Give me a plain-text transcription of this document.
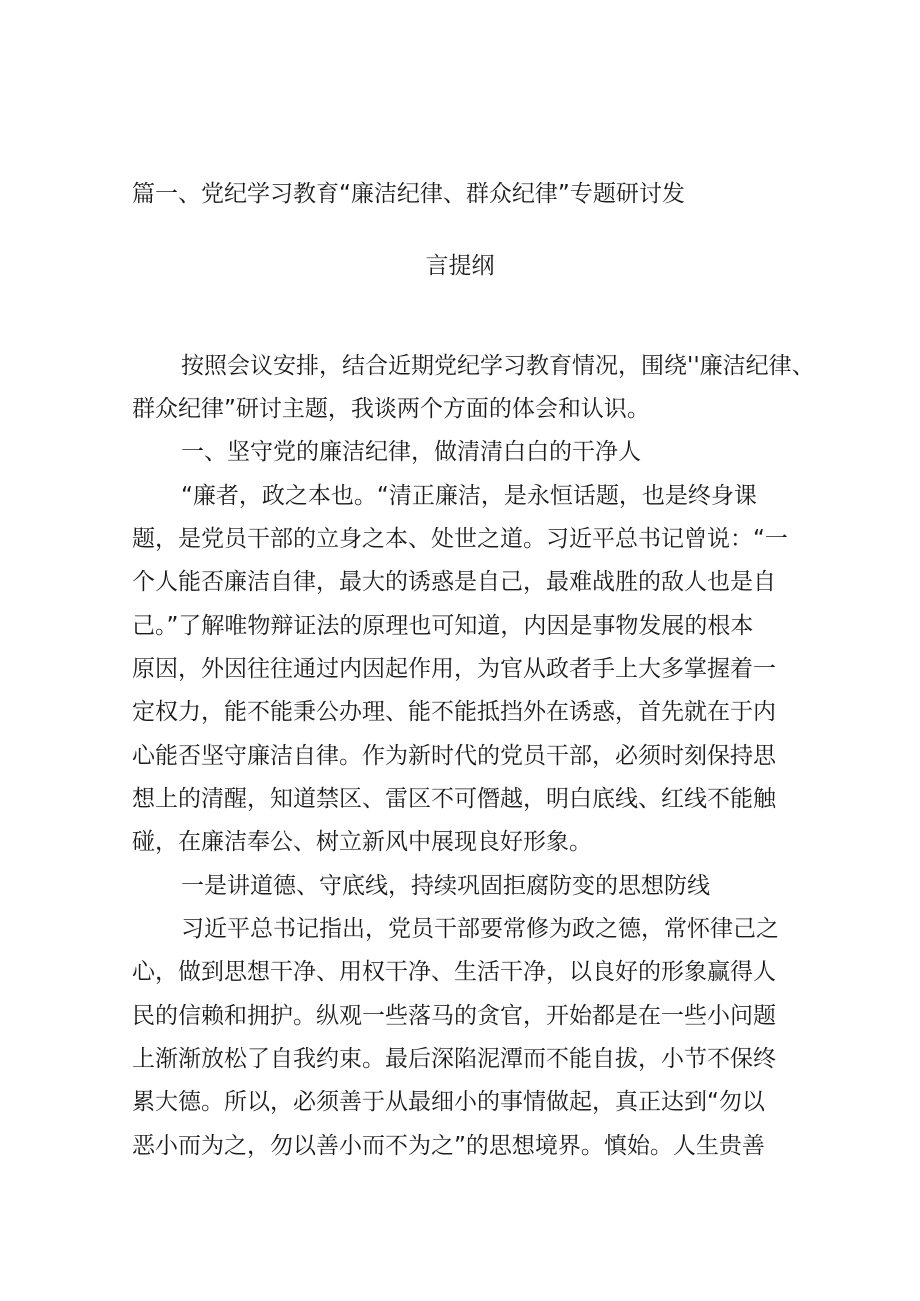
篇一、党纪学习教育“廉洁纪律、群众纪律”专题研讨发
言提纲
按照会议安排，结合近期党纪学习教育情况，围绕''廉洁纪律、
群众纪律”研讨主题，我谈两个方面的体会和认识。
一、坚守党的廉洁纪律，做清清白白的干净人
“廉者，政之本也。“清正廉洁，是永恒话题，也是终身课
题，是党员干部的立身之本、处世之道。习近平总书记曾说：“一
个人能否廉洁自律，最大的诱惑是自己，最难战胜的敌人也是自
己。”了解唯物辩证法的原理也可知道，内因是事物发展的根本
原因，外因往往通过内因起作用，为官从政者手上大多掌握着一
定权力，能不能秉公办理、能不能抵挡外在诱惑，首先就在于内
心能否坚守廉洁自律。作为新时代的党员干部，必须时刻保持思
想上的清醒，知道禁区、雷区不可僭越，明白底线、红线不能触
碰，在廉洁奉公、树立新风中展现良好形象。
一是讲道德、守底线，持续巩固拒腐防变的思想防线
习近平总书记指出，党员干部要常修为政之德，常怀律己之
心，做到思想干净、用权干净、生活干净，以良好的形象赢得人
民的信赖和拥护。纵观一些落马的贪官，开始都是在一些小问题
上渐渐放松了自我约束。最后深陷泥潭而不能自拔，小节不保终
累大德。所以，必须善于从最细小的事情做起，真正达到“勿以
恶小而为之，勿以善小而不为之”的思想境界。慎始。人生贵善
